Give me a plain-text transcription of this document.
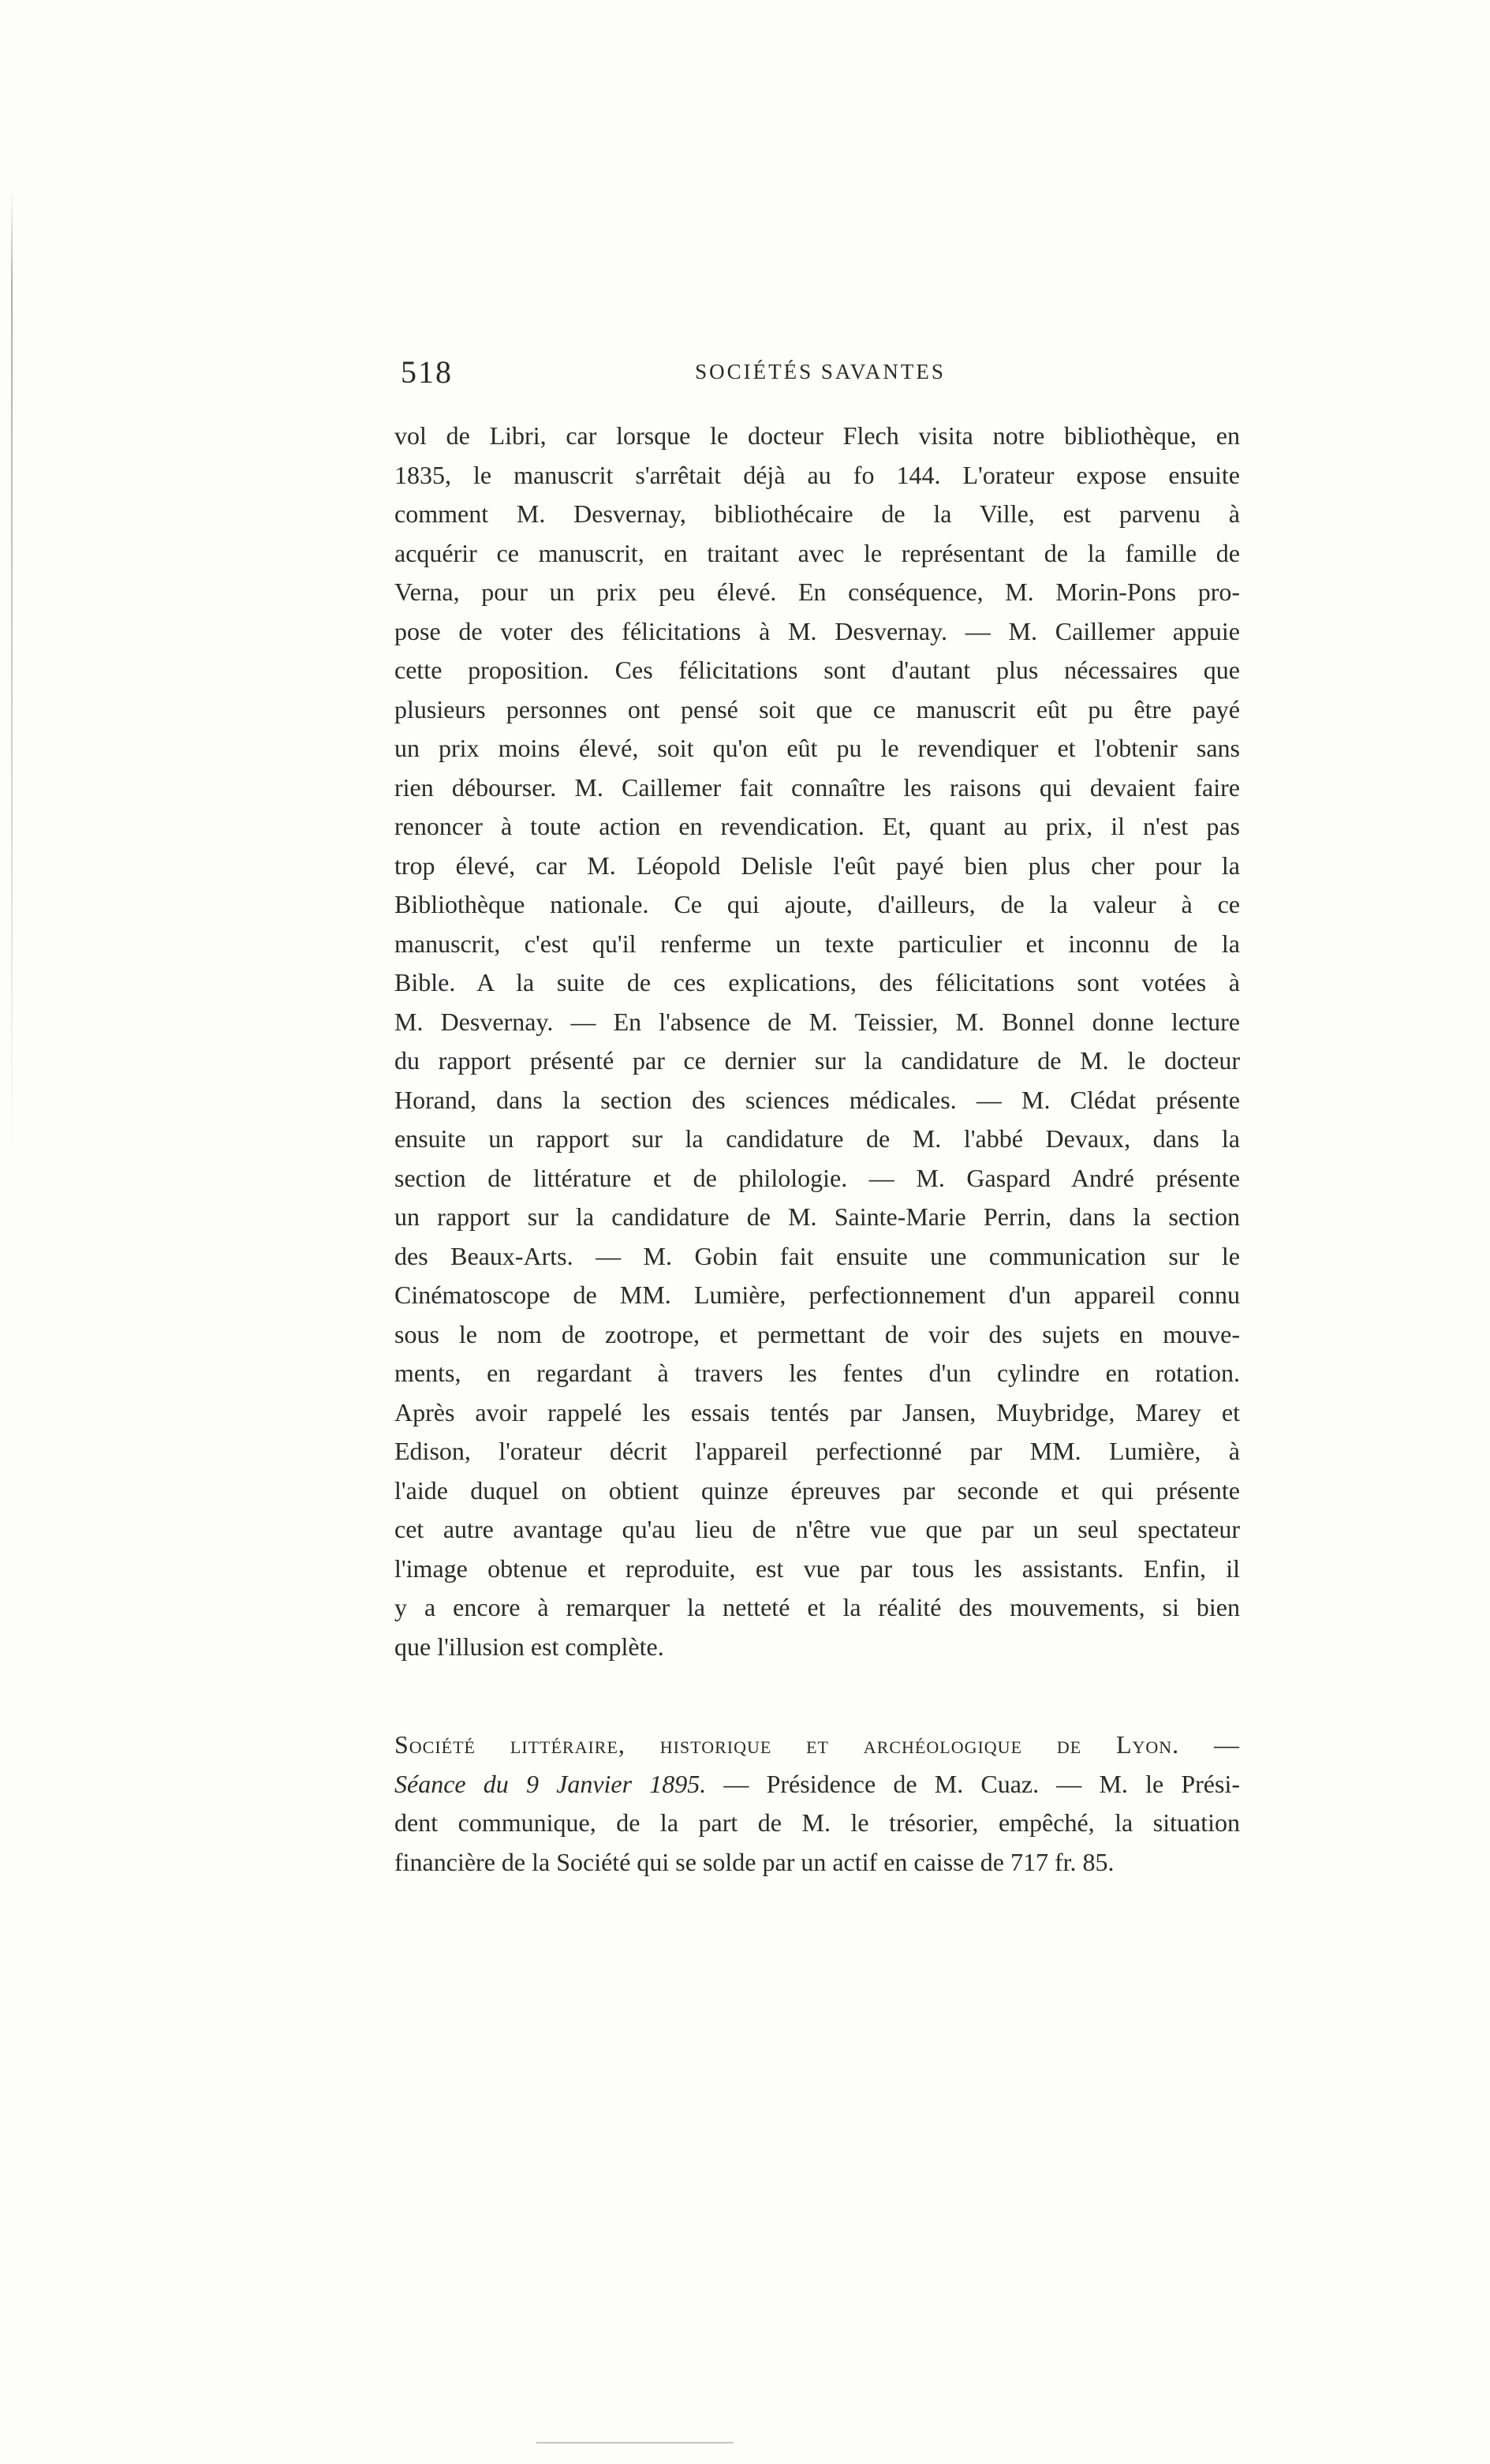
518	SOCIÉTÉS SAVANTES
vol de Libri, car lorsque le docteur Flech visita notre bibliothèque, en
1835, le manuscrit s'arrêtait déjà au fo 144. L'orateur expose ensuite
comment M. Desvernay, bibliothécaire de la Ville, est parvenu à
acquérir ce manuscrit, en traitant avec le représentant de la famille de
Verna, pour un prix peu élevé. En conséquence, M. Morin-Pons pro-
pose de voter des félicitations à M. Desvernay. — M. Caillemer appuie
cette proposition. Ces félicitations sont d'autant plus nécessaires que
plusieurs personnes ont pensé soit que ce manuscrit eût pu être payé
un prix moins élevé, soit qu'on eût pu le revendiquer et l'obtenir sans
rien débourser. M. Caillemer fait connaître les raisons qui devaient faire
renoncer à toute action en revendication. Et, quant au prix, il n'est pas
trop élevé, car M. Léopold Delisle l'eût payé bien plus cher pour la
Bibliothèque nationale. Ce qui ajoute, d'ailleurs, de la valeur à ce
manuscrit, c'est qu'il renferme un texte particulier et inconnu de la
Bible. A la suite de ces explications, des félicitations sont votées à
M. Desvernay. — En l'absence de M. Teissier, M. Bonnel donne lecture
du rapport présenté par ce dernier sur la candidature de M. le docteur
Horand, dans la section des sciences médicales. — M. Clédat présente
ensuite un rapport sur la candidature de M. l'abbé Devaux, dans la
section de littérature et de philologie. — M. Gaspard André présente
un rapport sur la candidature de M. Sainte-Marie Perrin, dans la section
des Beaux-Arts. — M. Gobin fait ensuite une communication sur le
Cinématoscope de MM. Lumière, perfectionnement d'un appareil connu
sous le nom de zootrope, et permettant de voir des sujets en mouve-
ments, en regardant à travers les fentes d'un cylindre en rotation.
Après avoir rappelé les essais tentés par Jansen, Muybridge, Marey et
Edison, l'orateur décrit l'appareil perfectionné par MM. Lumière, à
l'aide duquel on obtient quinze épreuves par seconde et qui présente
cet autre avantage qu'au lieu de n'être vue que par un seul spectateur
l'image obtenue et reproduite, est vue par tous les assistants. Enfin, il
y a encore à remarquer la netteté et la réalité des mouvements, si bien
que l'illusion est complète.
Société littéraire, historique et archéologique de Lyon. —
Séance du 9 Janvier 1895. — Présidence de M. Cuaz. — M. le Prési-
dent communique, de la part de M. le trésorier, empêché, la situation
financière de la Société qui se solde par un actif en caisse de 717 fr. 85.
